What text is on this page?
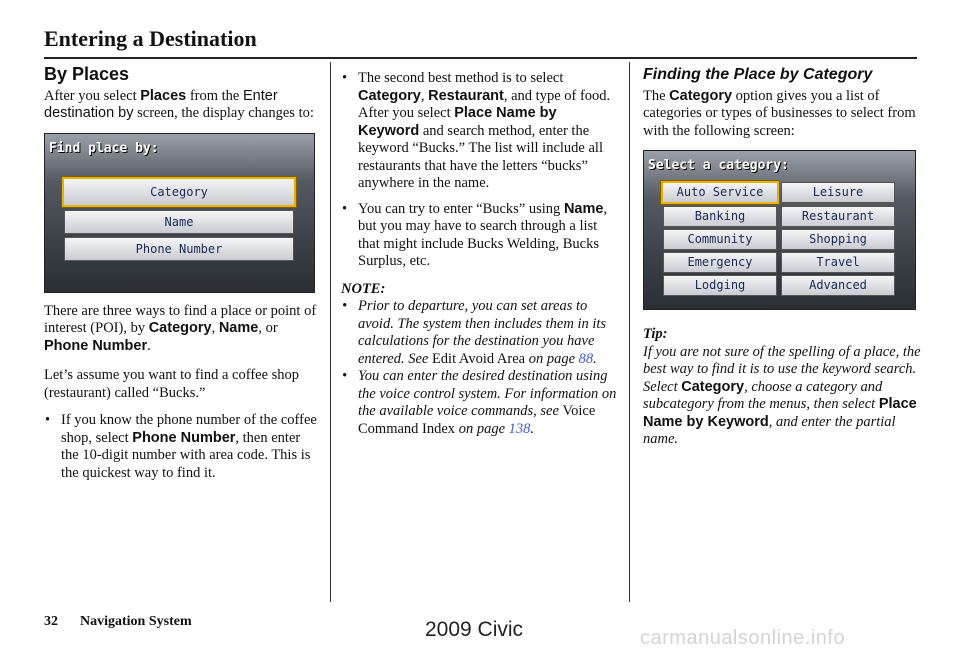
Entering a Destination
By Places

After you select Places from the Enter destination by screen, the display changes to:

Find place by:
Category
Name
Phone Number

There are three ways to find a place or point of interest (POI), by Category, Name, or Phone Number.

Let’s assume you want to find a coffee shop (restaurant) called “Bucks.”

• If you know the phone number of the coffee shop, select Phone Number, then enter the 10-digit number with area code. This is the quickest way to find it.

• The second best method is to select Category, Restaurant, and type of food. After you select Place Name by Keyword and search method, enter the keyword “Bucks.” The list will include all restaurants that have the letters “bucks” anywhere in the name.

• You can try to enter “Bucks” using Name, but you may have to search through a list that might include Bucks Welding, Bucks Surplus, etc.

NOTE:

• Prior to departure, you can set areas to avoid. The system then includes them in its calculations for the destination you have entered. See Edit Avoid Area on page 88.

• You can enter the desired destination using the voice control system. For information on the available voice commands, see Voice Command Index on page 138.

Finding the Place by Category

The Category option gives you a list of categories or types of businesses to select from with the following screen:

Select a category:
Auto Service	Leisure
Banking	Restaurant
Community	Shopping
Emergency	Travel
Lodging	Advanced

Tip:

If you are not sure of the spelling of a place, the best way to find it is to use the keyword search. Select Category, choose a category and subcategory from the menus, then select Place Name by Keyword, and enter the partial name.

32 Navigation System	2009 Civic	carmanualsonline.info
